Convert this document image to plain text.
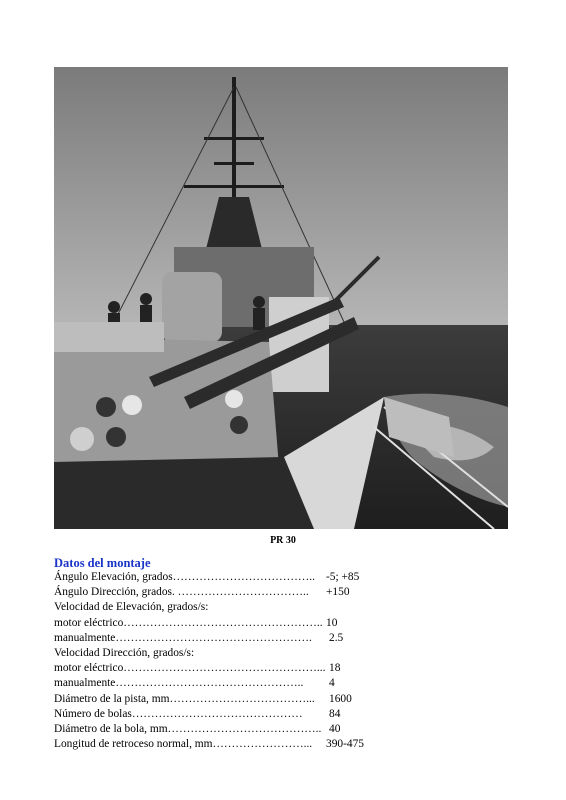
PR 30
Datos del montaje
Ángulo Elevación, grados……………………………….. -5; +85
Ángulo Dirección, grados. …………………………….. +150
Velocidad de Elevación, grados/s:
motor eléctrico…………………………………………….. 10
manualmente……………………………………………. 2.5
Velocidad Dirección, grados/s:
motor eléctrico……………………………………………... 18
manualmente………………………………………….. 4
Diámetro de la pista, mm………………………………... 1600
Número de bolas……………………………………… 84
Diámetro de la bola, mm………………………………….. 40
Longitud de retroceso normal, mm……………………... 390-475
